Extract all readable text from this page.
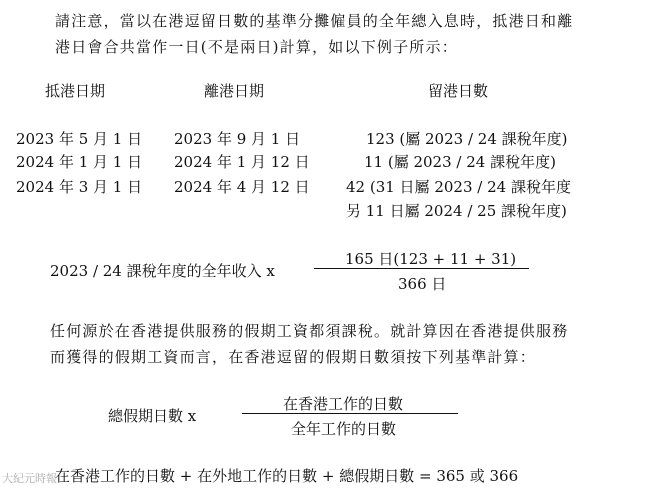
請注意，當以在港逗留日數的基準分攤僱員的全年總入息時，抵港日和離
港日會合共當作一日(不是兩日)計算，如以下例子所示：
抵港日期	離港日期	留港日數
2023 年 5 月 1 日 2023 年 9 月 1 日	123 (屬 2023 / 24 課稅年度)
2024 年 1 月 1 日 2024 年 1 月 12 日	11 (屬 2023 / 24 課稅年度)
2024 年 3 月 1 日 2024 年 4 月 12 日 42 (31 日屬 2023 / 24 課稅年度
另 11 日屬 2024 / 25 課稅年度)
2023 / 24 課稅年度的全年收入 x
165 日(123 + 11 + 31)
366 日
任何源於在香港提供服務的假期工資都須課稅。就計算因在香港提供服務
而獲得的假期工資而言，在香港逗留的假期日數須按下列基準計算：
總假期日數 x
在香港工作的日數
全年工作的日數
在香港工作的日數 + 在外地工作的日數 + 總假期日數 = 365 或 366
大紀元時報
